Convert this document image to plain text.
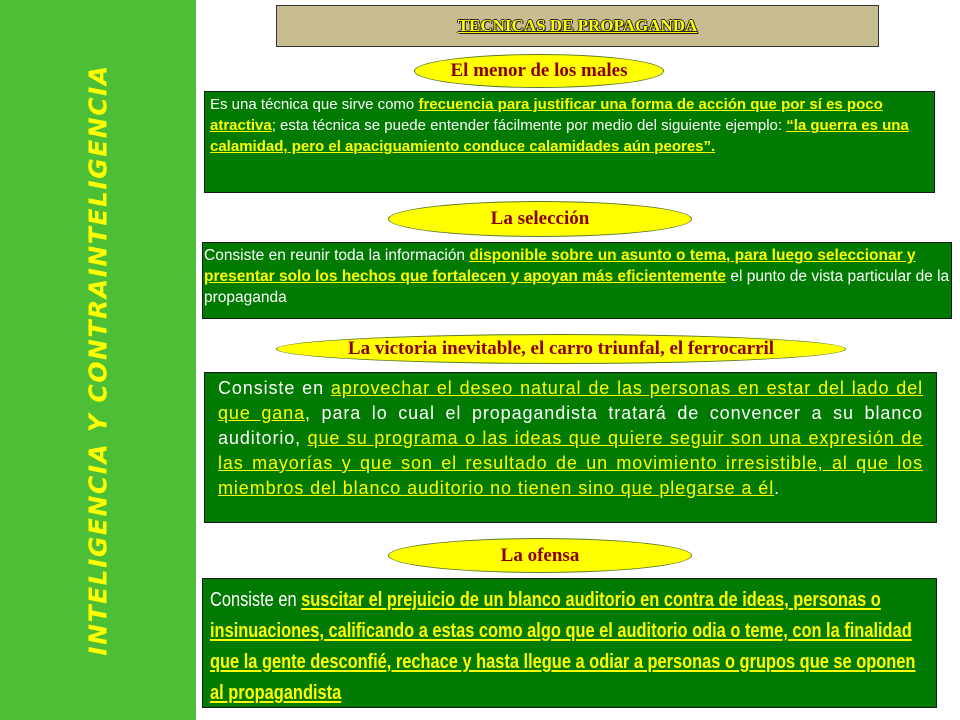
INTELIGENCIA Y CONTRAINTELIGENCIA
TECNICAS DE PROPAGANDA
El menor de los males

Es una técnica que sirve como frecuencia para justificar una forma de acción que por sí es poco atractiva; esta técnica se puede entender fácilmente por medio del siguiente ejemplo: “la guerra es una calamidad, pero el apaciguamiento conduce calamidades aún peores”.

La selección

Consiste en reunir toda la información disponible sobre un asunto o tema, para luego seleccionar y presentar solo los hechos que fortalecen y apoyan más eficientemente el punto de vista particular de la propaganda

La victoria inevitable, el carro triunfal, el ferrocarril

Consiste en aprovechar el deseo natural de las personas en estar del lado del que gana, para lo cual el propagandista tratará de convencer a su blanco auditorio, que su programa o las ideas que quiere seguir son una expresión de las mayorías y que son el resultado de un movimiento irresistible, al que los miembros del blanco auditorio no tienen sino que plegarse a él.

La ofensa

Consiste en suscitar el prejuicio de un blanco auditorio en contra de ideas, personas o insinuaciones, calificando a estas como algo que el auditorio odia o teme, con la finalidad que la gente desconfié, rechace y hasta llegue a odiar a personas o grupos que se oponen al propagandista
